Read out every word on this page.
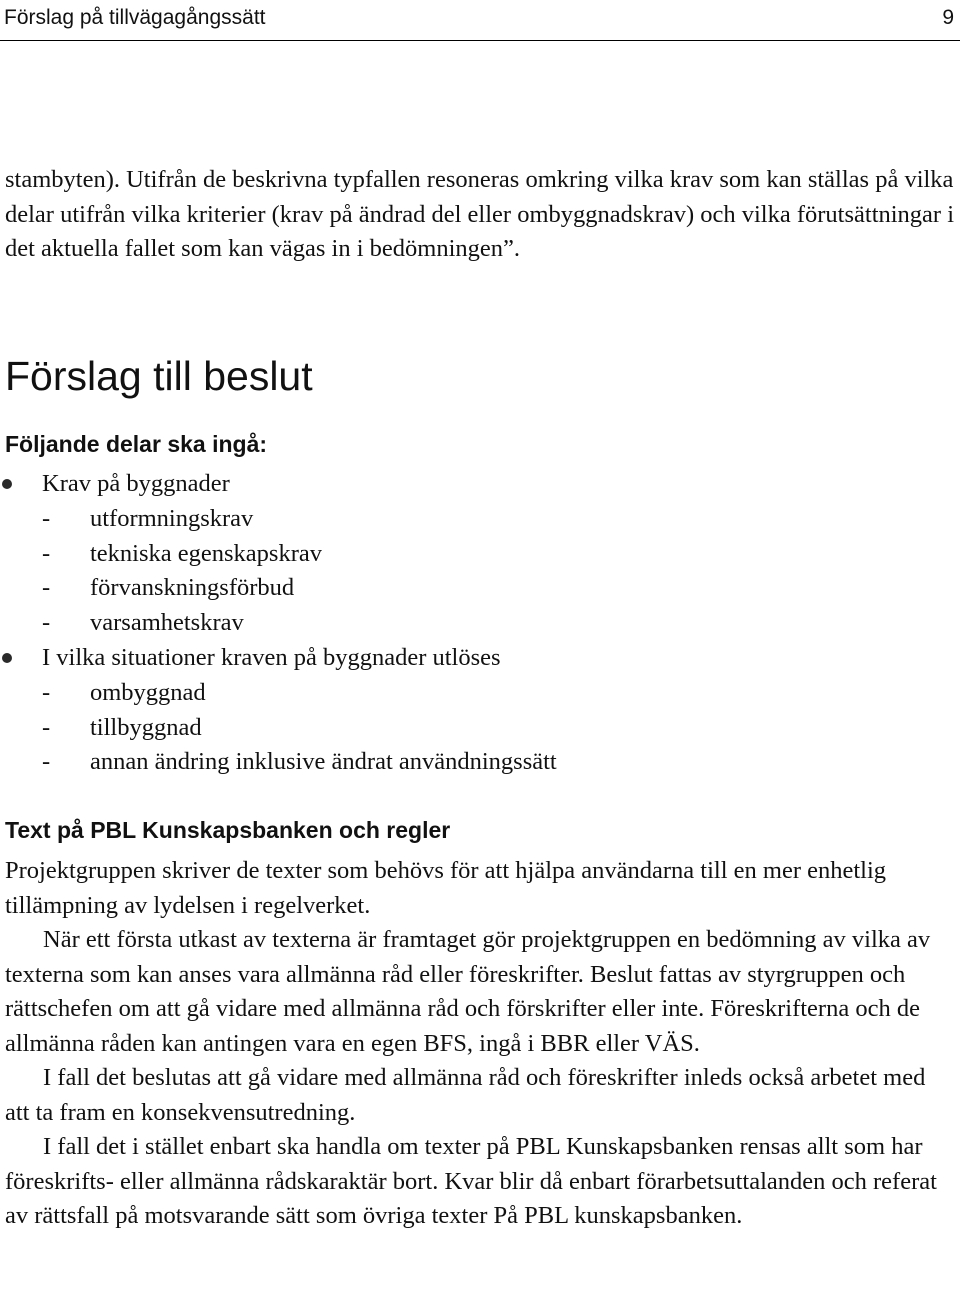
Förslag på tillvägagångssätt	9
stambyten). Utifrån de beskrivna typfallen resoneras omkring vilka krav som kan ställas på vilka delar utifrån vilka kriterier (krav på ändrad del eller ombyggnadskrav) och vilka förutsättningar i det aktuella fallet som kan vägas in i bedömningen”.
Förslag till beslut
Följande delar ska ingå:
Krav på byggnader
- utformningskrav
- tekniska egenskapskrav
- förvanskningsförbud
- varsamhetskrav
I vilka situationer kraven på byggnader utlöses
- ombyggnad
- tillbyggnad
- annan ändring inklusive ändrat användningssätt
Text på PBL Kunskapsbanken och regler

Projektgruppen skriver de texter som behövs för att hjälpa användarna till en mer enhetlig tillämpning av lydelsen i regelverket.

När ett första utkast av texterna är framtaget gör projektgruppen en bedömning av vilka av texterna som kan anses vara allmänna råd eller föreskrifter. Beslut fattas av styrgruppen och rättschefen om att gå vidare med allmänna råd och förskrifter eller inte. Föreskrifterna och de allmänna råden kan antingen vara en egen BFS, ingå i BBR eller VÄS.

I fall det beslutas att gå vidare med allmänna råd och föreskrifter inleds också arbetet med att ta fram en konsekvensutredning.

I fall det i stället enbart ska handla om texter på PBL Kunskapsbanken rensas allt som har föreskrifts- eller allmänna rådskaraktär bort. Kvar blir då enbart förarbetsuttalanden och referat av rättsfall på motsvarande sätt som övriga texter På PBL kunskapsbanken.
